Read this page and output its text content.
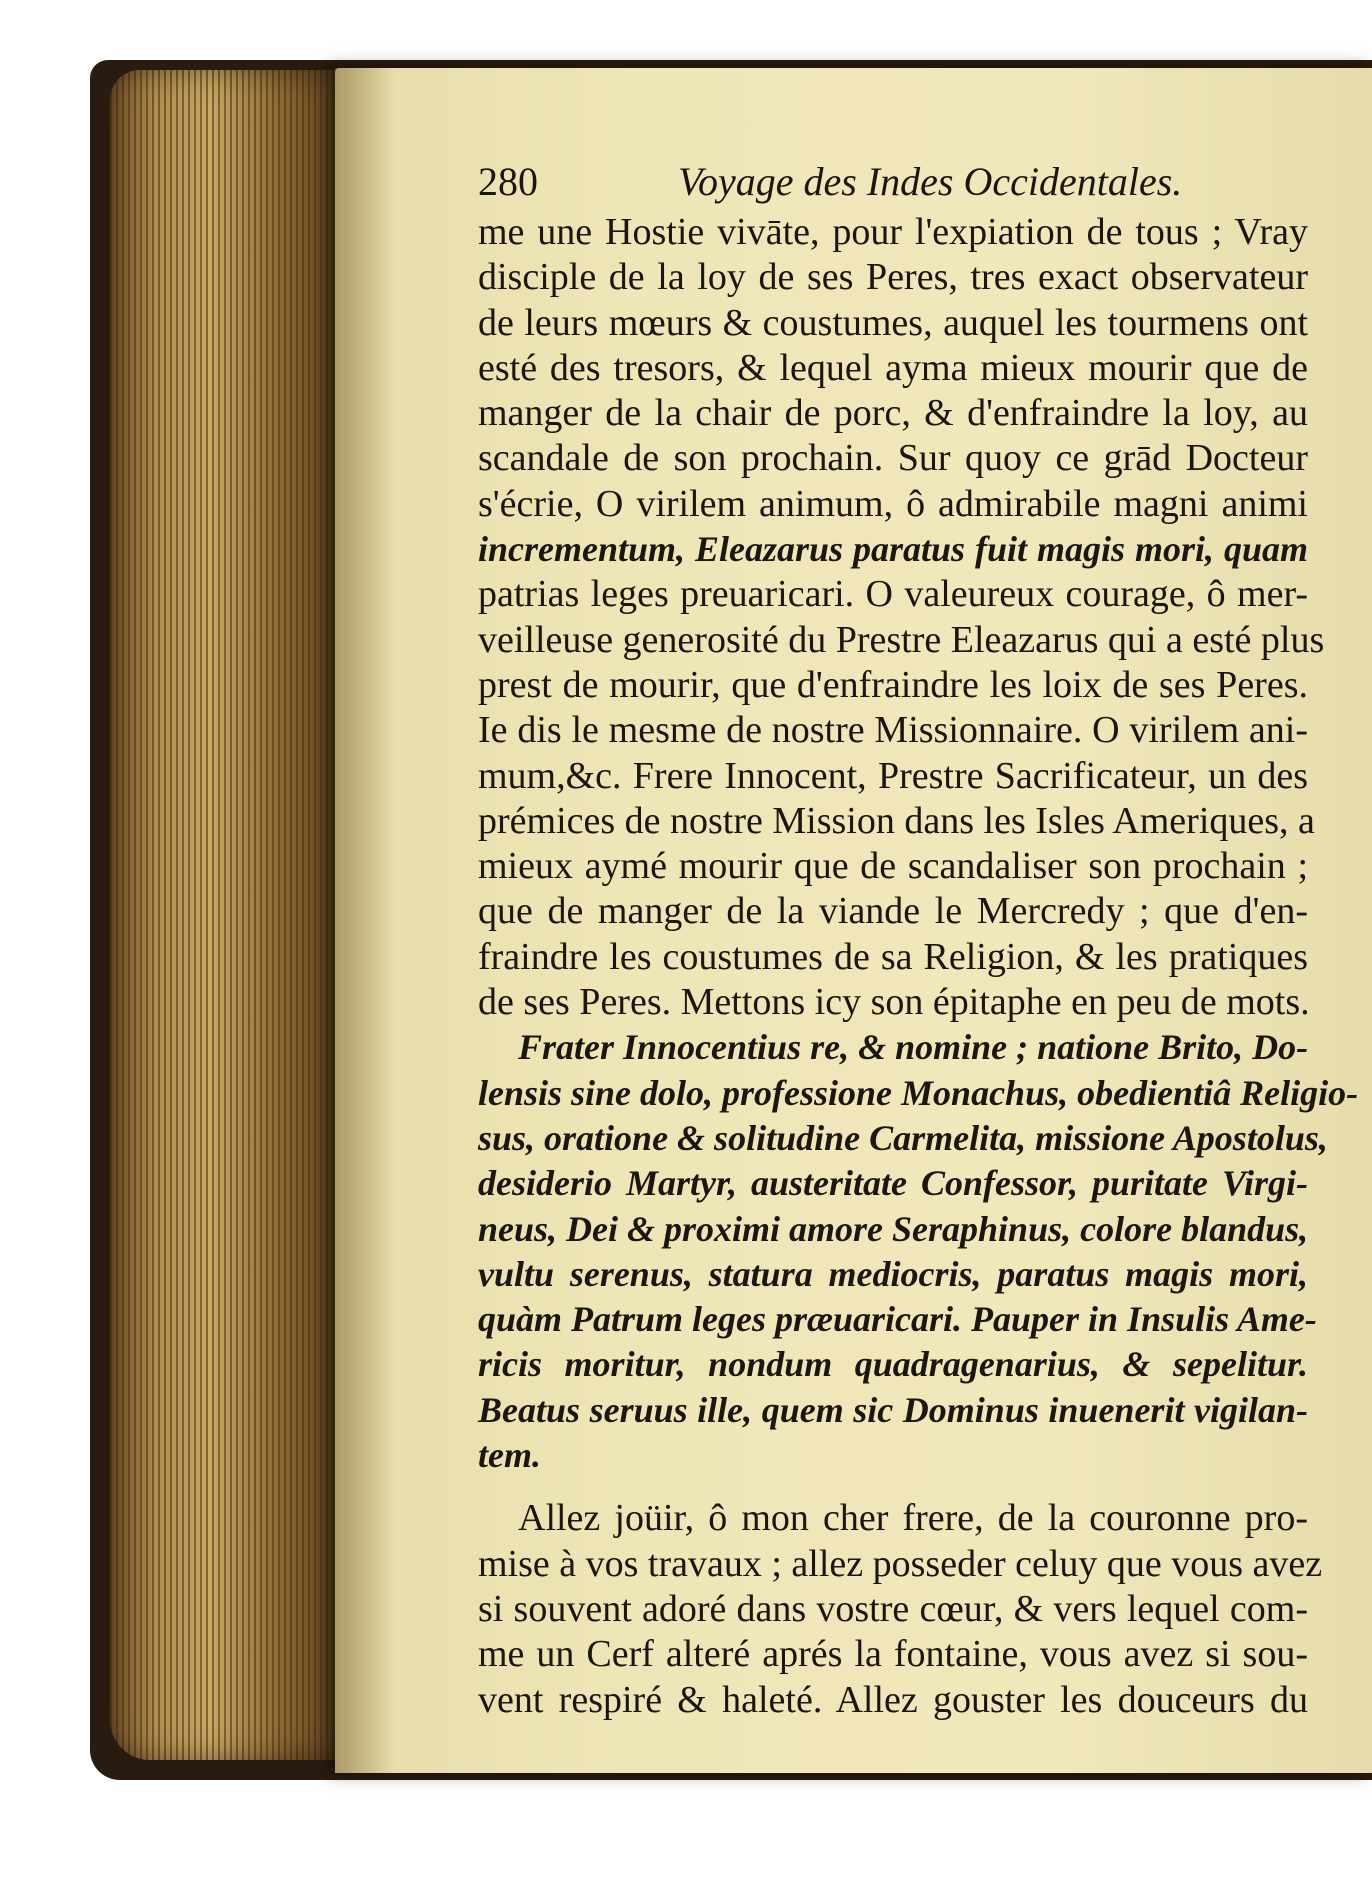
280	Voyage des Indes Occidentales.
me une Hostie vivāte, pour l'expiation de tous ; Vray
disciple de la loy de ses Peres, tres exact observateur
de leurs mœurs & coustumes, auquel les tourmens ont
esté des tresors, & lequel ayma mieux mourir que de
manger de la chair de porc, & d'enfraindre la loy, au
scandale de son prochain. Sur quoy ce grād Docteur
s'écrie, O virilem animum, ô admirabile magni animi
incrementum, Eleazarus paratus fuit magis mori, quam
patrias leges preuaricari. O valeureux courage, ô mer-
veilleuse generosité du Prestre Eleazarus qui a esté plus
prest de mourir, que d'enfraindre les loix de ses Peres.
Ie dis le mesme de nostre Missionnaire. O virilem ani-
mum,&c. Frere Innocent, Prestre Sacrificateur, un des
prémices de nostre Mission dans les Isles Ameriques, a
mieux aymé mourir que de scandaliser son prochain ;
que de manger de la viande le Mercredy ; que d'en-
fraindre les coustumes de sa Religion, & les pratiques
de ses Peres. Mettons icy son épitaphe en peu de mots.
Frater Innocentius re, & nomine ; natione Brito, Do-
lensis sine dolo, professione Monachus, obedientiâ Religio-
sus, oratione & solitudine Carmelita, missione Apostolus,
desiderio Martyr, austeritate Confessor, puritate Virgi-
neus, Dei & proximi amore Seraphinus, colore blandus,
vultu serenus, statura mediocris, paratus magis mori,
quàm Patrum leges præuaricari. Pauper in Insulis Ame-
ricis moritur, nondum quadragenarius, & sepelitur.
Beatus seruus ille, quem sic Dominus inuenerit vigilan-
tem.
Allez joüir, ô mon cher frere, de la couronne pro-
mise à vos travaux ; allez posseder celuy que vous avez
si souvent adoré dans vostre cœur, & vers lequel com-
me un Cerf alteré aprés la fontaine, vous avez si sou-
vent respiré & haleté. Allez gouster les douceurs du
